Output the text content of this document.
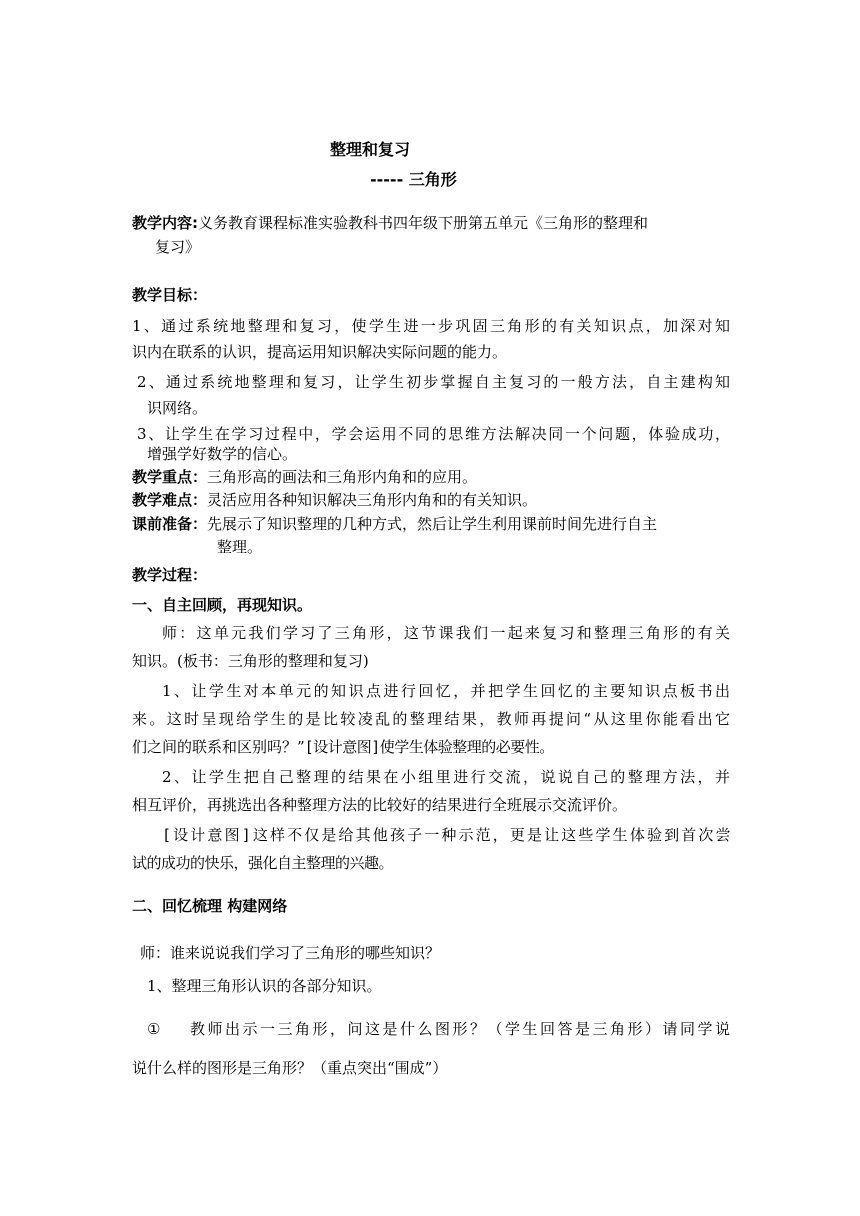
整理和复习
----- 三角形
教学内容:义务教育课程标准实验教科书四年级下册第五单元《三角形的整理和
复习》
教学目标：
1、通过系统地整理和复习，使学生进一步巩固三角形的有关知识点，加深对知
识内在联系的认识，提高运用知识解决实际问题的能力。
2、通过系统地整理和复习，让学生初步掌握自主复习的一般方法，自主建构知
识网络。
3、让学生在学习过程中，学会运用不同的思维方法解决同一个问题，体验成功，
增强学好数学的信心。
教学重点：三角形高的画法和三角形内角和的应用。
教学难点：灵活应用各种知识解决三角形内角和的有关知识。
课前准备：先展示了知识整理的几种方式，然后让学生利用课前时间先进行自主
整理。
教学过程：
一、自主回顾，再现知识。
师：这单元我们学习了三角形，这节课我们一起来复习和整理三角形的有关
知识。(板书：三角形的整理和复习)
1、让学生对本单元的知识点进行回忆，并把学生回忆的主要知识点板书出
来。这时呈现给学生的是比较凌乱的整理结果，教师再提问“从这里你能看出它
们之间的联系和区别吗？”[设计意图]使学生体验整理的必要性。
2、让学生把自己整理的结果在小组里进行交流，说说自己的整理方法，并
相互评价，再挑选出各种整理方法的比较好的结果进行全班展示交流评价。
[设计意图]这样不仅是给其他孩子一种示范，更是让这些学生体验到首次尝
试的成功的快乐，强化自主整理的兴趣。
二、回忆梳理 构建网络
师：谁来说说我们学习了三角形的哪些知识？
1、整理三角形认识的各部分知识。
① 教师出示一三角形，问这是什么图形？（学生回答是三角形）请同学说
说什么样的图形是三角形？（重点突出“围成”）
